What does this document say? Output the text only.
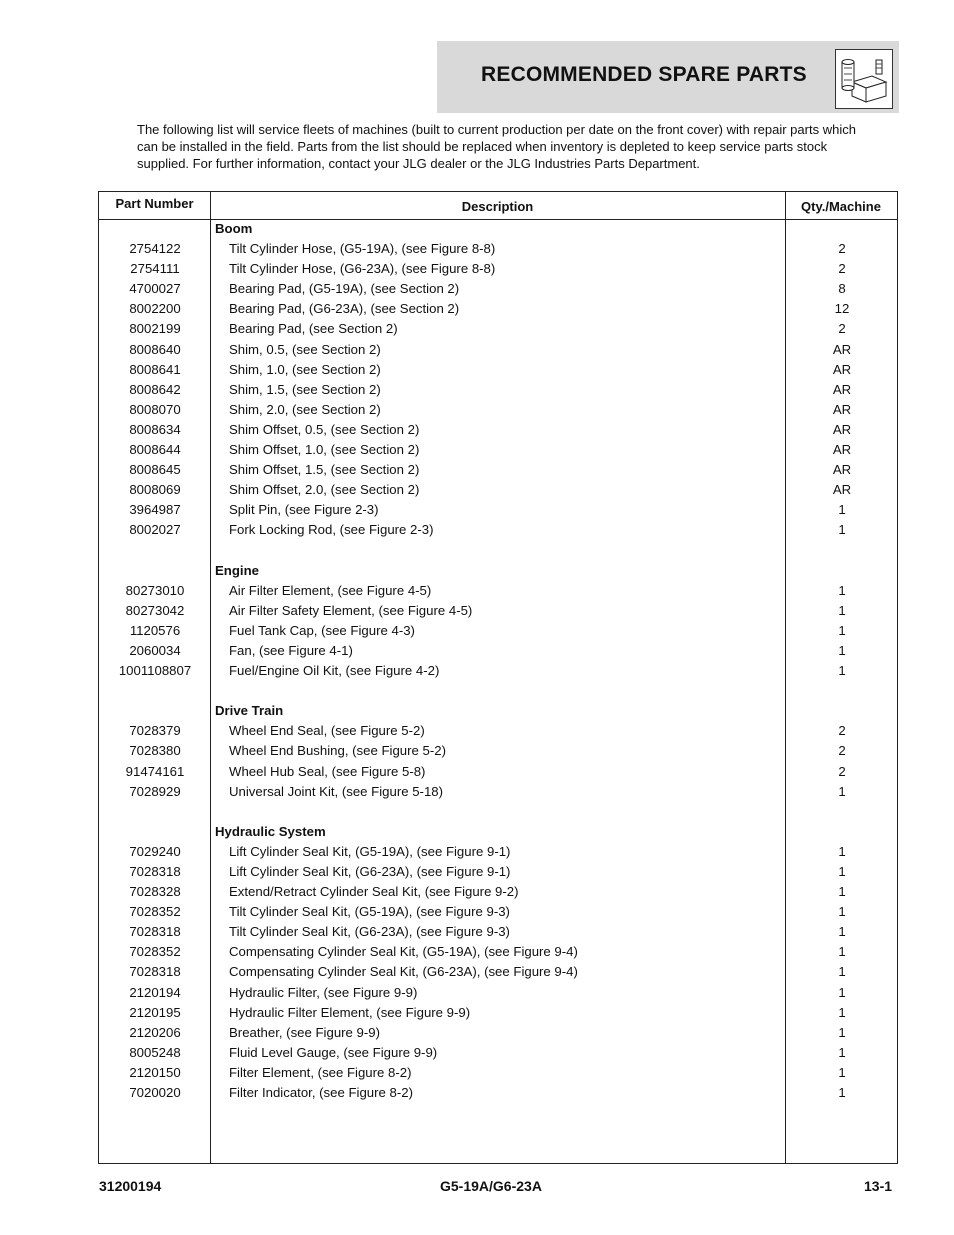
RECOMMENDED SPARE PARTS
The following list will service fleets of machines (built to current production per date on the front cover) with repair parts which can be installed in the field. Parts from the list should be replaced when inventory is depleted to keep service parts stock supplied. For further information, contact your JLG dealer or the JLG Industries Parts Department.
Part Number	Description	Qty./Machine
Boom
2754122	Tilt Cylinder Hose, (G5-19A), (see Figure 8-8)	2
2754111	Tilt Cylinder Hose, (G6-23A), (see Figure 8-8)	2
4700027	Bearing Pad, (G5-19A), (see Section 2)	8
8002200	Bearing Pad, (G6-23A), (see Section 2)	12
8002199	Bearing Pad, (see Section 2)	2
8008640	Shim, 0.5, (see Section 2)	AR
8008641	Shim, 1.0, (see Section 2)	AR
8008642	Shim, 1.5, (see Section 2)	AR
8008070	Shim, 2.0, (see Section 2)	AR
8008634	Shim Offset, 0.5, (see Section 2)	AR
8008644	Shim Offset, 1.0, (see Section 2)	AR
8008645	Shim Offset, 1.5, (see Section 2)	AR
8008069	Shim Offset, 2.0, (see Section 2)	AR
3964987	Split Pin, (see Figure 2-3)	1
8002027	Fork Locking Rod, (see Figure 2-3)	1
Engine
80273010	Air Filter Element, (see Figure 4-5)	1
80273042	Air Filter Safety Element, (see Figure 4-5)	1
1120576	Fuel Tank Cap, (see Figure 4-3)	1
2060034	Fan, (see Figure 4-1)	1
1001108807	Fuel/Engine Oil Kit, (see Figure 4-2)	1
Drive Train
7028379	Wheel End Seal, (see Figure 5-2)	2
7028380	Wheel End Bushing, (see Figure 5-2)	2
91474161	Wheel Hub Seal, (see Figure 5-8)	2
7028929	Universal Joint Kit, (see Figure 5-18)	1
Hydraulic System
7029240	Lift Cylinder Seal Kit, (G5-19A), (see Figure 9-1)	1
7028318	Lift Cylinder Seal Kit, (G6-23A), (see Figure 9-1)	1
7028328	Extend/Retract Cylinder Seal Kit, (see Figure 9-2)	1
7028352	Tilt Cylinder Seal Kit, (G5-19A), (see Figure 9-3)	1
7028318	Tilt Cylinder Seal Kit, (G6-23A), (see Figure 9-3)	1
7028352	Compensating Cylinder Seal Kit, (G5-19A), (see Figure 9-4)	1
7028318	Compensating Cylinder Seal Kit, (G6-23A), (see Figure 9-4)	1
2120194	Hydraulic Filter, (see Figure 9-9)	1
2120195	Hydraulic Filter Element, (see Figure 9-9)	1
2120206	Breather, (see Figure 9-9)	1
8005248	Fluid Level Gauge, (see Figure 9-9)	1
2120150	Filter Element, (see Figure 8-2)	1
7020020	Filter Indicator, (see Figure 8-2)	1
31200194	G5-19A/G6-23A	13-1
